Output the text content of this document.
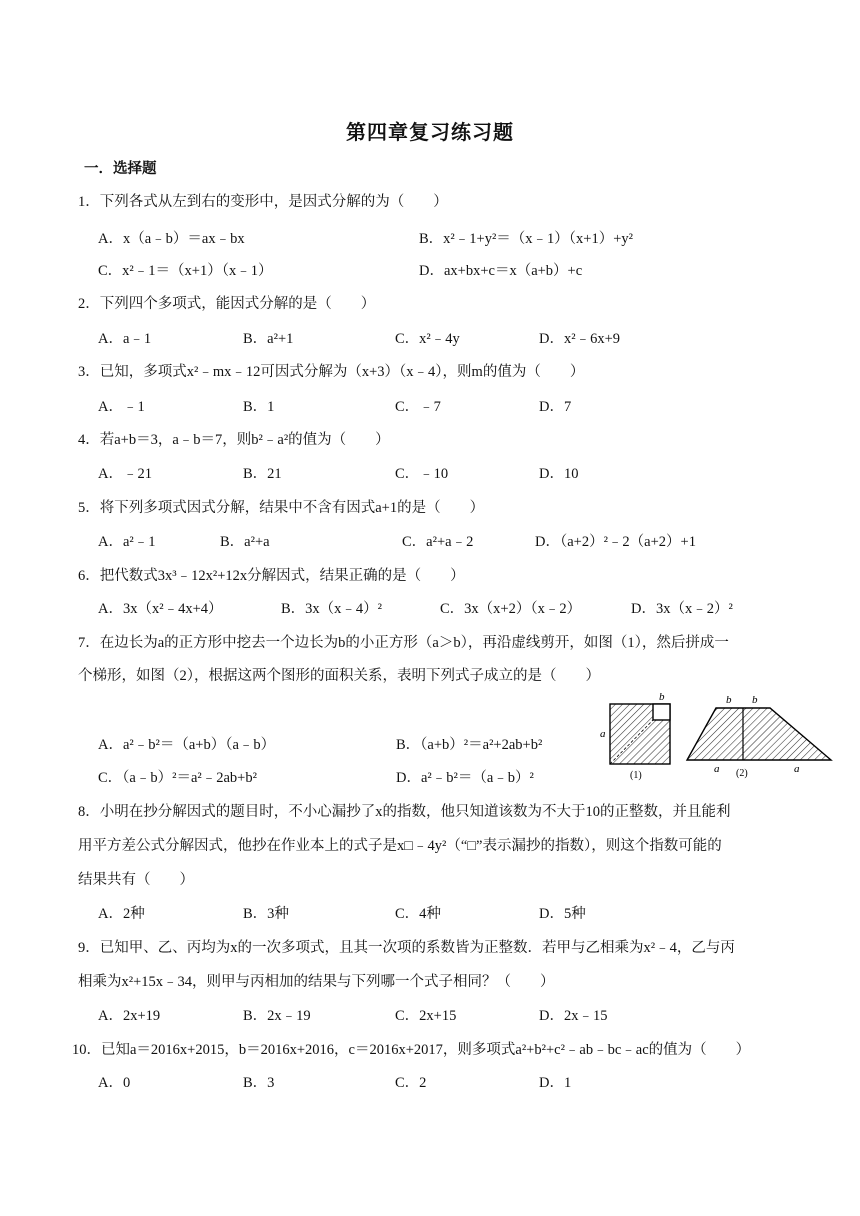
第四章复习练习题
一．选择题
1．下列各式从左到右的变形中，是因式分解的为（　　）
A．x（a﹣b）＝ax﹣bx	B．x²﹣1+y²＝（x﹣1）（x+1）+y²
C．x²﹣1＝（x+1）（x﹣1）	D．ax+bx+c＝x（a+b）+c
2．下列四个多项式，能因式分解的是（　　）
A．a﹣1	B．a²+1	C．x²﹣4y	D．x²﹣6x+9
3．已知，多项式x²﹣mx﹣12可因式分解为（x+3）（x﹣4），则m的值为（　　）
A．﹣1	B．1	C．﹣7	D．7
4．若a+b＝3，a﹣b＝7，则b²﹣a²的值为（　　）
A．﹣21	B．21	C．﹣10	D．10
5．将下列多项式因式分解，结果中不含有因式a+1的是（　　）
A．a²﹣1	B．a²+a	C．a²+a﹣2	D．（a+2）²﹣2（a+2）+1
6．把代数式3x³﹣12x²+12x分解因式，结果正确的是（　　）
A．3x（x²﹣4x+4）	B．3x（x﹣4）²	C．3x（x+2）（x﹣2）	D．3x（x﹣2）²
7．在边长为a的正方形中挖去一个边长为b的小正方形（a＞b），再沿虚线剪开，如图（1），然后拼成一
个梯形，如图（2），根据这两个图形的面积关系，表明下列式子成立的是（　　）
A．a²﹣b²＝（a+b）（a﹣b）	B．（a+b）²＝a²+2ab+b²
C．（a﹣b）²＝a²﹣2ab+b²	D．a²﹣b²＝（a﹣b）²
b
a
(1)
b b
a	a
(2)
8．小明在抄分解因式的题目时，不小心漏抄了x的指数，他只知道该数为不大于10的正整数，并且能利
用平方差公式分解因式，他抄在作业本上的式子是x□﹣4y²（“□”表示漏抄的指数），则这个指数可能的
结果共有（　　）
A．2种	B．3种	C．4种	D．5种
9．已知甲、乙、丙均为x的一次多项式，且其一次项的系数皆为正整数．若甲与乙相乘为x²﹣4，乙与丙
相乘为x²+15x﹣34，则甲与丙相加的结果与下列哪一个式子相同？（　　）
A．2x+19	B．2x﹣19	C．2x+15	D．2x﹣15
10．已知a＝2016x+2015，b＝2016x+2016，c＝2016x+2017，则多项式a²+b²+c²﹣ab﹣bc﹣ac的值为（　　）
A．0	B．3	C．2	D．1
